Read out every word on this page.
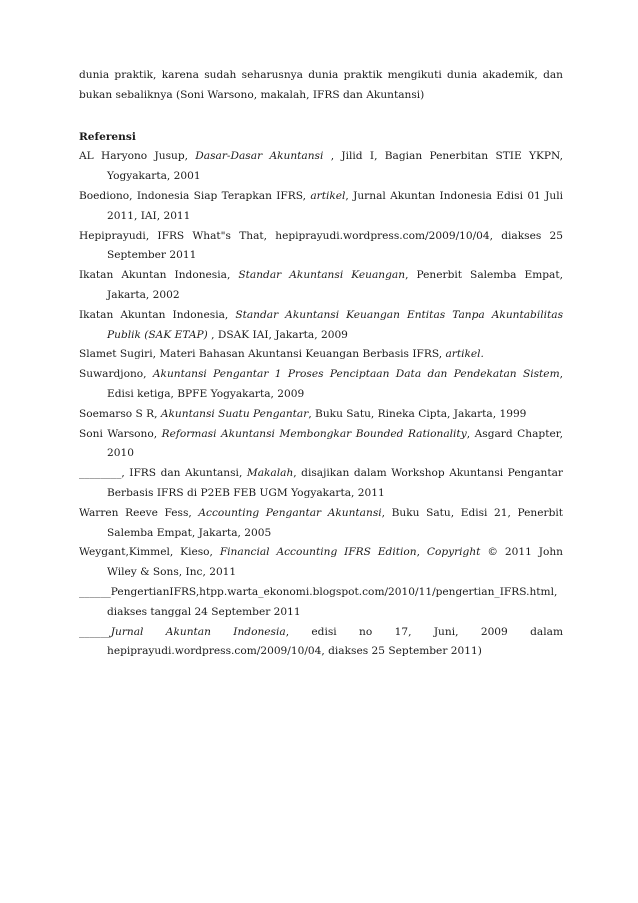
dunia praktik, karena sudah seharusnya dunia praktik mengikuti dunia akademik, dan bukan sebaliknya (Soni Warsono, makalah, IFRS dan Akuntansi)

Referensi

AL Haryono Jusup, Dasar-Dasar Akuntansi , Jilid I, Bagian Penerbitan STIE YKPN, Yogyakarta, 2001

Boediono, Indonesia Siap Terapkan IFRS, artikel, Jurnal Akuntan Indonesia Edisi 01 Juli 2011, IAI, 2011

Hepiprayudi, IFRS What"s That, hepiprayudi.wordpress.com/2009/10/04, diakses 25 September 2011

Ikatan Akuntan Indonesia, Standar Akuntansi Keuangan, Penerbit Salemba Empat, Jakarta, 2002

Ikatan Akuntan Indonesia, Standar Akuntansi Keuangan Entitas Tanpa Akuntabilitas Publik (SAK ETAP) , DSAK IAI, Jakarta, 2009

Slamet Sugiri, Materi Bahasan Akuntansi Keuangan Berbasis IFRS, artikel.

Suwardjono, Akuntansi Pengantar 1 Proses Penciptaan Data dan Pendekatan Sistem, Edisi ketiga, BPFE Yogyakarta, 2009

Soemarso S R, Akuntansi Suatu Pengantar, Buku Satu, Rineka Cipta, Jakarta, 1999

Soni Warsono, Reformasi Akuntansi Membongkar Bounded Rationality, Asgard Chapter, 2010

________, IFRS dan Akuntansi, Makalah, disajikan dalam Workshop Akuntansi Pengantar Berbasis IFRS di P2EB FEB UGM Yogyakarta, 2011

Warren Reeve Fess, Accounting Pengantar Akuntansi, Buku Satu, Edisi 21, Penerbit Salemba Empat, Jakarta, 2005

Weygant,Kimmel, Kieso, Financial Accounting IFRS Edition, Copyright © 2011 John Wiley & Sons, Inc, 2011

______PengertianIFRS,htpp.warta_ekonomi.blogspot.com/2010/11/pengertian_IFRS.html, diakses tanggal 24 September 2011

______Jurnal Akuntan Indonesia, edisi no 17, Juni, 2009 dalam hepiprayudi.wordpress.com/2009/10/04, diakses 25 September 2011)
